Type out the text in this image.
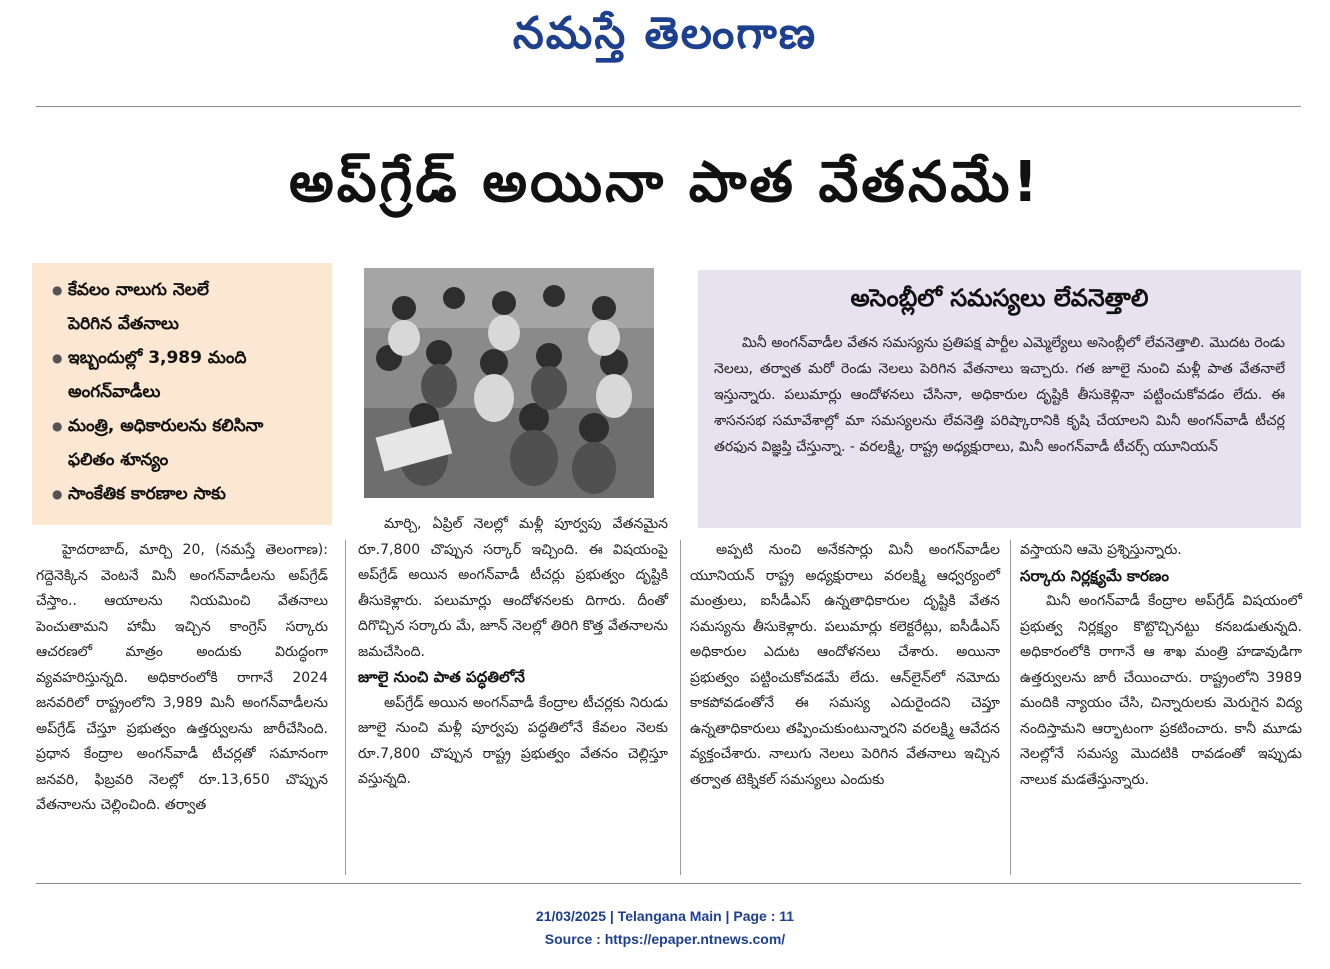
నమస్తే తెలంగాణ
అప్‌గ్రేడ్ అయినా పాత వేతనమే!
● కేవలం నాలుగు నెలలే
పెరిగిన వేతనాలు
● ఇబ్బందుల్లో 3,989 మంది
అంగన్‌వాడీలు
● మంత్రి, అధికారులను కలిసినా
ఫలితం శూన్యం
● సాంకేతిక కారణాల సాకు
అసెంబ్లీలో సమస్యలు లేవనెత్తాలి
మినీ అంగన్‌వాడీల వేతన సమస్యను ప్రతిపక్ష పార్టీల ఎమ్మెల్యేలు అసెంబ్లీలో లేవనెత్తాలి. మొదట రెండు నెలలు, తర్వాత మరో రెండు నెలలు పెరిగిన వేతనాలు ఇచ్చారు. గత జూలై నుంచి మళ్లీ పాత వేతనాలే ఇస్తున్నారు. పలుమార్లు ఆందోళనలు చేసినా, అధికారుల దృష్టికి తీసుకెళ్లినా పట్టించుకోవడం లేదు. ఈ శాసనసభ సమావేశాల్లో మా సమస్యలను లేవనెత్తి పరిష్కారానికి కృషి చేయాలని మినీ అంగన్‌వాడీ టీచర్ల తరఫున విజ్ఞప్తి చేస్తున్నా. - వరలక్ష్మి, రాష్ట్ర అధ్యక్షురాలు, మినీ అంగన్‌వాడీ టీచర్స్ యూనియన్

హైదరాబాద్, మార్చి 20, (నమస్తే తెలంగాణ): గద్దెనెక్కిన వెంటనే మినీ అంగన్‌వాడీలను అప్‌గ్రేడ్ చేస్తాం.. ఆయాలను నియమించి వేతనాలు పెంచుతామని హామీ ఇచ్చిన కాంగ్రెస్ సర్కారు ఆచరణలో మాత్రం అందుకు విరుద్ధంగా వ్యవహరిస్తున్నది. అధికారంలోకి రాగానే 2024 జనవరిలో రాష్ట్రంలోని 3,989 మినీ అంగన్‌వాడీలను అప్‌గ్రేడ్ చేస్తూ ప్రభుత్వం ఉత్తర్వులను జారీచేసింది. ప్రధాన కేంద్రాల అంగన్‌వాడీ టీచర్లతో సమానంగా జనవరి, ఫిబ్రవరి నెలల్లో రూ.13,650 చొప్పున వేతనాలను చెల్లించింది. తర్వాత

మార్చి, ఏప్రిల్ నెలల్లో మళ్లీ పూర్వపు వేతనమైన రూ.7,800 చొప్పున సర్కార్ ఇచ్చింది. ఈ విషయంపై అప్‌గ్రేడ్ అయిన అంగన్‌వాడీ టీచర్లు ప్రభుత్వం దృష్టికి తీసుకెళ్లారు. పలుమార్లు ఆందోళనలకు దిగారు. దీంతో దిగొచ్చిన సర్కారు మే, జూన్ నెలల్లో తిరిగి కొత్త వేతనాలను జమచేసింది.

జూలై నుంచి పాత పద్ధతిలోనే

అప్‌గ్రేడ్ అయిన అంగన్‌వాడీ కేంద్రాల టీచర్లకు నిరుడు జూలై నుంచి మళ్లీ పూర్వపు పద్ధతిలోనే కేవలం నెలకు రూ.7,800 చొప్పున రాష్ట్ర ప్రభుత్వం వేతనం చెల్లిస్తూ వస్తున్నది.

అప్పటి నుంచి అనేకసార్లు మినీ అంగన్‌వాడీల యూనియన్ రాష్ట్ర అధ్యక్షురాలు వరలక్ష్మి ఆధ్వర్యంలో మంత్రులు, ఐసీడీఎస్ ఉన్నతాధికారుల దృష్టికి వేతన సమస్యను తీసుకెళ్లారు. పలుమార్లు కలెక్టరేట్లు, ఐసీడీఎస్ అధికారుల ఎదుట ఆందోళనలు చేశారు. అయినా ప్రభుత్వం పట్టించుకోవడమే లేదు. ఆన్‌లైన్‌లో నమోదు కాకపోవడంతోనే ఈ సమస్య ఎదురైందని చెప్తూ ఉన్నతాధికారులు తప్పించుకుంటున్నారని వరలక్ష్మి ఆవేదన వ్యక్తంచేశారు. నాలుగు నెలలు పెరిగిన వేతనాలు ఇచ్చిన తర్వాత టెక్నికల్ సమస్యలు ఎందుకు

వస్తాయని ఆమె ప్రశ్నిస్తున్నారు.

సర్కారు నిర్లక్ష్యమే కారణం

మినీ అంగన్‌వాడీ కేంద్రాల అప్‌గ్రేడ్ విషయంలో ప్రభుత్వ నిర్లక్ష్యం కొట్టొచ్చినట్టు కనబడుతున్నది. అధికారంలోకి రాగానే ఆ శాఖ మంత్రి హడావుడిగా ఉత్తర్వులను జారీ చేయించారు. రాష్ట్రంలోని 3989 మందికి న్యాయం చేసి, చిన్నారులకు మెరుగైన విద్య నందిస్తామని ఆర్భాటంగా ప్రకటించారు. కానీ మూడు నెలల్లోనే సమస్య మొదటికి రావడంతో ఇప్పుడు నాలుక మడతేస్తున్నారు.

21/03/2025 | Telangana Main | Page : 11
Source : https://epaper.ntnews.com/
